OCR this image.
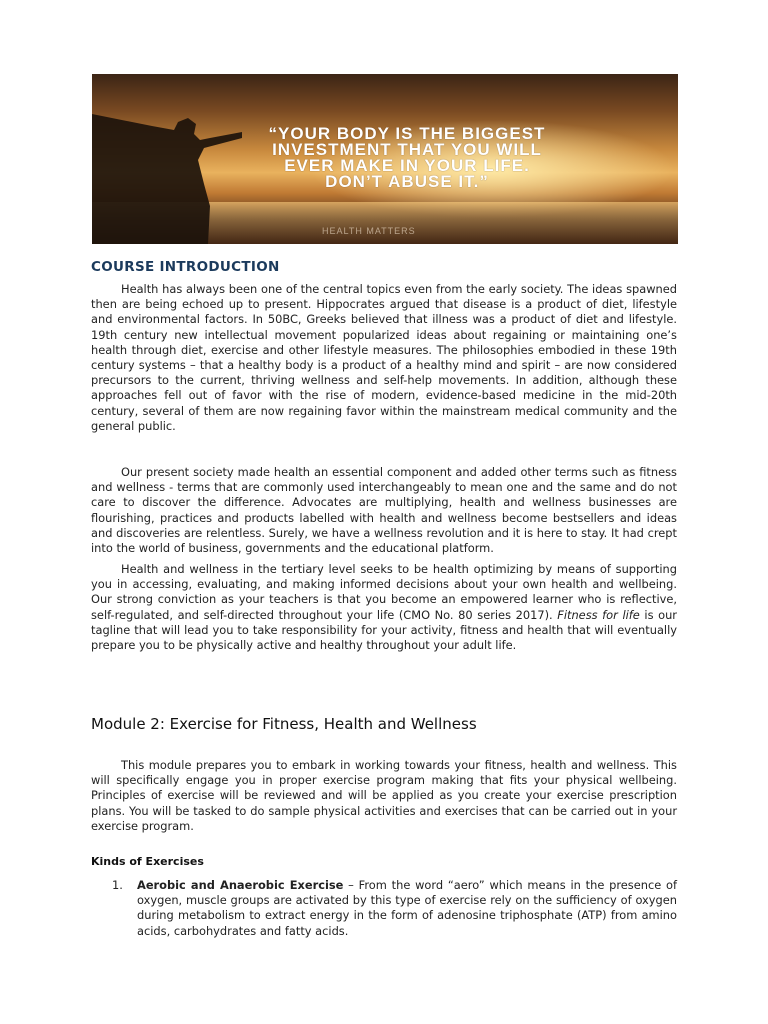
“YOUR BODY IS THE BIGGEST
INVESTMENT THAT YOU WILL
EVER MAKE IN YOUR LIFE.
DON’T ABUSE IT.”
HEALTH MATTERS
COURSE INTRODUCTION

Health has always been one of the central topics even from the early society. The ideas spawned then are being echoed up to present. Hippocrates argued that disease is a product of diet, lifestyle and environmental factors. In 50BC, Greeks believed that illness was a product of diet and lifestyle. 19th century new intellectual movement popularized ideas about regaining or maintaining one’s health through diet, exercise and other lifestyle measures. The philosophies embodied in these 19th century systems – that a healthy body is a product of a healthy mind and spirit – are now considered precursors to the current, thriving wellness and self-help movements. In addition, although these approaches fell out of favor with the rise of modern, evidence-based medicine in the mid-20th century, several of them are now regaining favor within the mainstream medical community and the general public.

Our present society made health an essential component and added other terms such as fitness and wellness - terms that are commonly used interchangeably to mean one and the same and do not care to discover the difference. Advocates are multiplying, health and wellness businesses are flourishing, practices and products labelled with health and wellness become bestsellers and ideas and discoveries are relentless. Surely, we have a wellness revolution and it is here to stay. It had crept into the world of business, governments and the educational platform.

Health and wellness in the tertiary level seeks to be health optimizing by means of supporting you in accessing, evaluating, and making informed decisions about your own health and wellbeing. Our strong conviction as your teachers is that you become an empowered learner who is reflective, self-regulated, and self-directed throughout your life (CMO No. 80 series 2017). Fitness for life is our tagline that will lead you to take responsibility for your activity, fitness and health that will eventually prepare you to be physically active and healthy throughout your adult life.

Module 2: Exercise for Fitness, Health and Wellness

This module prepares you to embark in working towards your fitness, health and wellness. This will specifically engage you in proper exercise program making that fits your physical wellbeing. Principles of exercise will be reviewed and will be applied as you create your exercise prescription plans. You will be tasked to do sample physical activities and exercises that can be carried out in your exercise program.

Kinds of Exercises
1. Aerobic and Anaerobic Exercise – From the word “aero” which means in the presence of oxygen, muscle groups are activated by this type of exercise rely on the sufficiency of oxygen during metabolism to extract energy in the form of adenosine triphosphate (ATP) from amino acids, carbohydrates and fatty acids.
